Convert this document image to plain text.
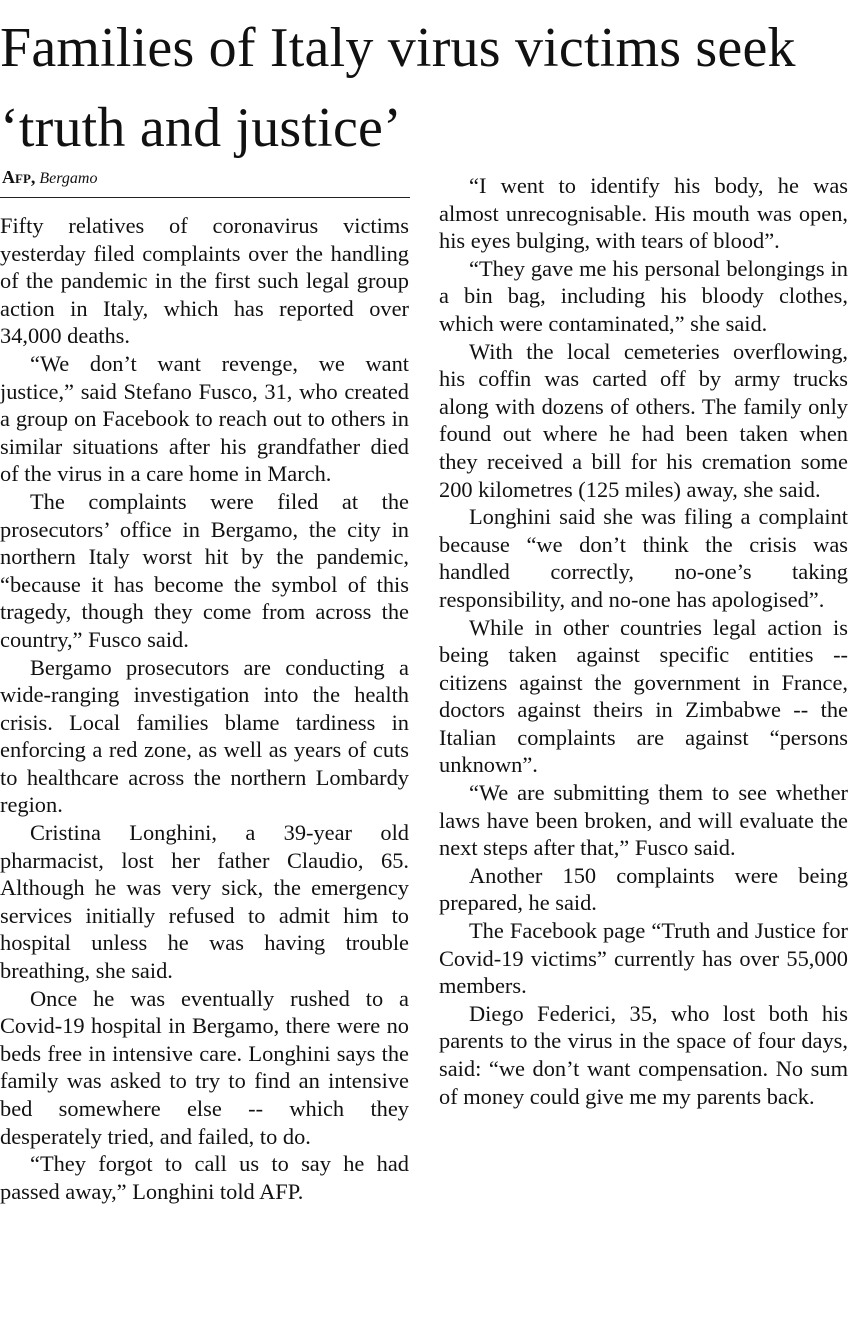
Families of Italy virus victims seek ‘truth and justice’
Afp, Bergamo

Fifty relatives of coronavirus victims yesterday filed complaints over the handling of the pandemic in the first such legal group action in Italy, which has reported over 34,000 deaths.

“We don’t want revenge, we want justice,” said Stefano Fusco, 31, who created a group on Facebook to reach out to others in similar situations after his grandfather died of the virus in a care home in March.

The complaints were filed at the prosecutors’ office in Bergamo, the city in northern Italy worst hit by the pandemic, “because it has become the symbol of this tragedy, though they come from across the country,” Fusco said.

Bergamo prosecutors are conducting a wide-ranging investigation into the health crisis. Local families blame tardiness in enforcing a red zone, as well as years of cuts to healthcare across the northern Lombardy region.

Cristina Longhini, a 39-year old pharmacist, lost her father Claudio, 65. Although he was very sick, the emergency services initially refused to admit him to hospital unless he was having trouble breathing, she said.

Once he was eventually rushed to a Covid-19 hospital in Bergamo, there were no beds free in intensive care. Longhini says the family was asked to try to find an intensive bed somewhere else -- which they desperately tried, and failed, to do.

“They forgot to call us to say he had passed away,” Longhini told AFP.

“I went to identify his body, he was almost unrecognisable. His mouth was open, his eyes bulging, with tears of blood”.

“They gave me his personal belongings in a bin bag, including his bloody clothes, which were contaminated,” she said.

With the local cemeteries overflowing, his coffin was carted off by army trucks along with dozens of others. The family only found out where he had been taken when they received a bill for his cremation some 200 kilometres (125 miles) away, she said.

Longhini said she was filing a complaint because “we don’t think the crisis was handled correctly, no-one’s taking responsibility, and no-one has apologised”.

While in other countries legal action is being taken against specific entities -- citizens against the government in France, doctors against theirs in Zimbabwe -- the Italian complaints are against “persons unknown”.

“We are submitting them to see whether laws have been broken, and will evaluate the next steps after that,” Fusco said.

Another 150 complaints were being prepared, he said.

The Facebook page “Truth and Justice for Covid-19 victims” currently has over 55,000 members.

Diego Federici, 35, who lost both his parents to the virus in the space of four days, said: “we don’t want compensation. No sum of money could give me my parents back.
